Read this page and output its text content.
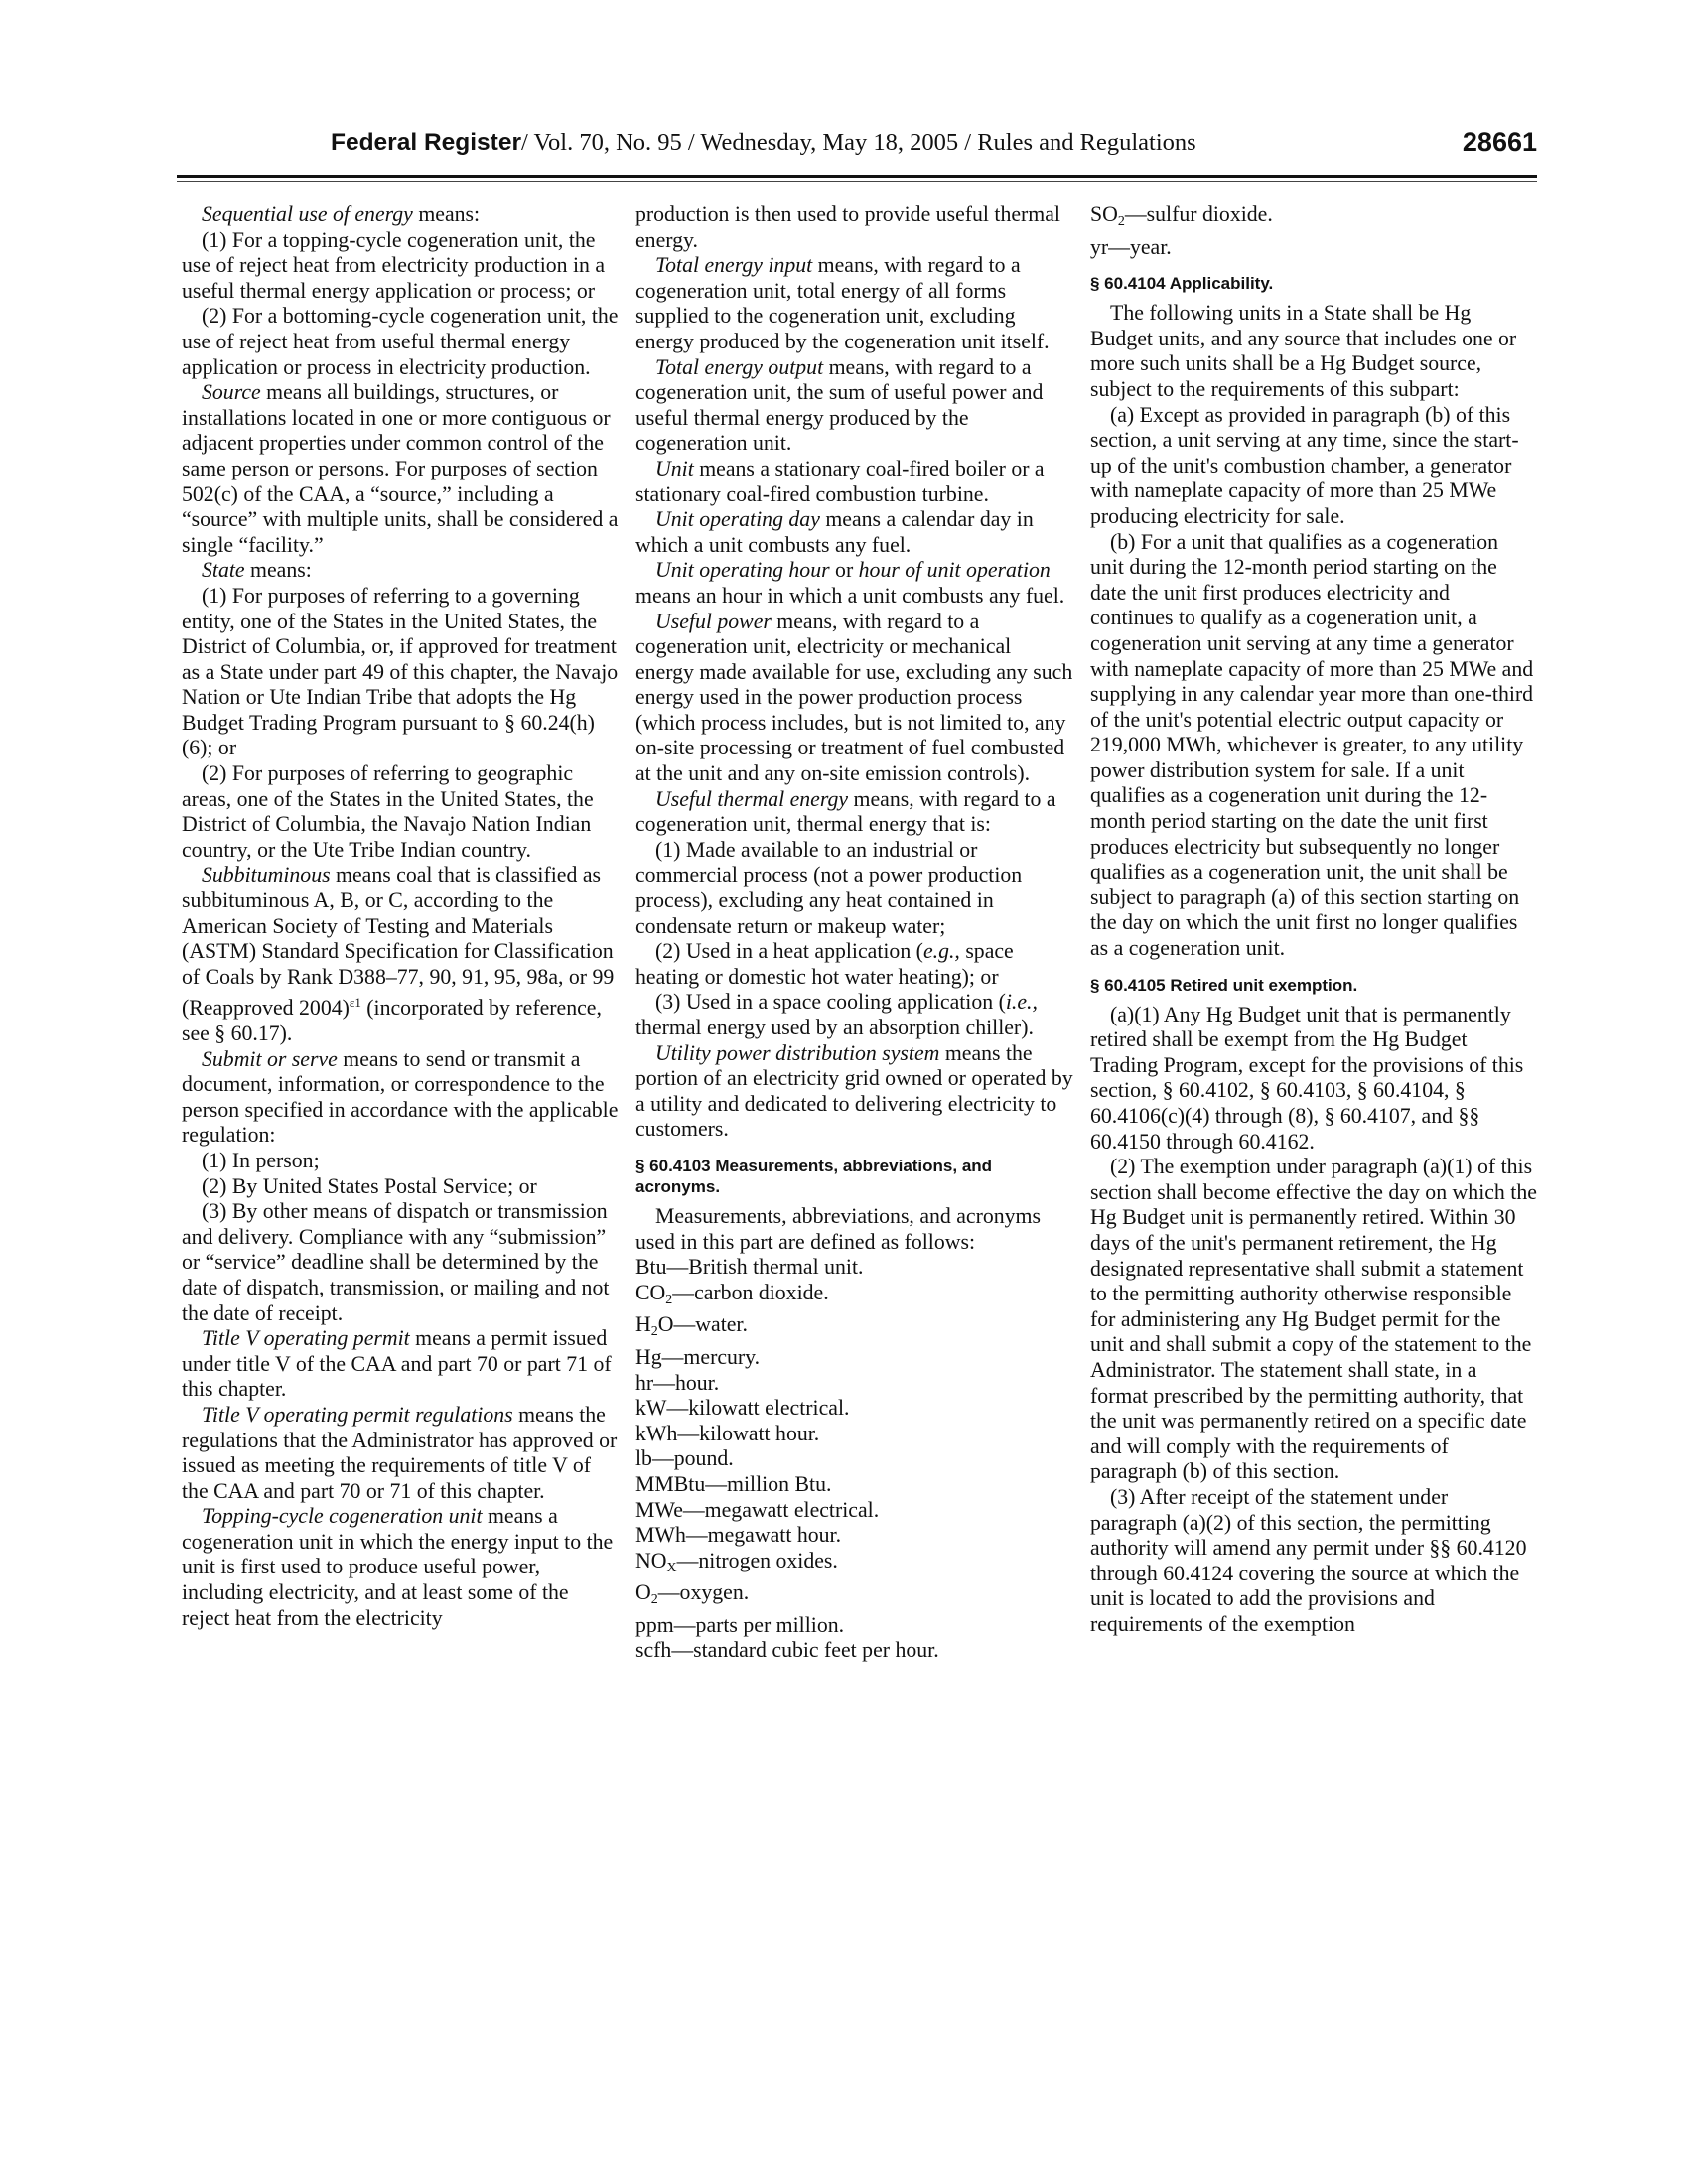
Federal Register/ Vol. 70, No. 95 / Wednesday, May 18, 2005 / Rules and Regulations	28661

Sequential use of energy means:

(1) For a topping-cycle cogeneration unit, the use of reject heat from electricity production in a useful thermal energy application or process; or

(2) For a bottoming-cycle cogeneration unit, the use of reject heat from useful thermal energy application or process in electricity production.

Source means all buildings, structures, or installations located in one or more contiguous or adjacent properties under common control of the same person or persons. For purposes of section 502(c) of the CAA, a “source,” including a “source” with multiple units, shall be considered a single “facility.”

State means:

(1) For purposes of referring to a governing entity, one of the States in the United States, the District of Columbia, or, if approved for treatment as a State under part 49 of this chapter, the Navajo Nation or Ute Indian Tribe that adopts the Hg Budget Trading Program pursuant to § 60.24(h)(6); or

(2) For purposes of referring to geographic areas, one of the States in the United States, the District of Columbia, the Navajo Nation Indian country, or the Ute Tribe Indian country.

Subbituminous means coal that is classified as subbituminous A, B, or C, according to the American Society of Testing and Materials (ASTM) Standard Specification for Classification of Coals by Rank D388–77, 90, 91, 95, 98a, or 99 (Reapproved 2004)$^{\varepsilon 1}$ (incorporated by reference, see § 60.17).

Submit or serve means to send or transmit a document, information, or correspondence to the person specified in accordance with the applicable regulation:

(1) In person;

(2) By United States Postal Service; or

(3) By other means of dispatch or transmission and delivery. Compliance with any “submission” or “service” deadline shall be determined by the date of dispatch, transmission, or mailing and not the date of receipt.

Title V operating permit means a permit issued under title V of the CAA and part 70 or part 71 of this chapter.

Title V operating permit regulations means the regulations that the Administrator has approved or issued as meeting the requirements of title V of the CAA and part 70 or 71 of this chapter.

Topping-cycle cogeneration unit means a cogeneration unit in which the energy input to the unit is first used to produce useful power, including electricity, and at least some of the reject heat from the electricity

production is then used to provide useful thermal energy.

Total energy input means, with regard to a cogeneration unit, total energy of all forms supplied to the cogeneration unit, excluding energy produced by the cogeneration unit itself.

Total energy output means, with regard to a cogeneration unit, the sum of useful power and useful thermal energy produced by the cogeneration unit.

Unit means a stationary coal-fired boiler or a stationary coal-fired combustion turbine.

Unit operating day means a calendar day in which a unit combusts any fuel.

Unit operating hour or hour of unit operation means an hour in which a unit combusts any fuel.

Useful power means, with regard to a cogeneration unit, electricity or mechanical energy made available for use, excluding any such energy used in the power production process (which process includes, but is not limited to, any on-site processing or treatment of fuel combusted at the unit and any on-site emission controls).

Useful thermal energy means, with regard to a cogeneration unit, thermal energy that is:

(1) Made available to an industrial or commercial process (not a power production process), excluding any heat contained in condensate return or makeup water;

(2) Used in a heat application (e.g., space heating or domestic hot water heating); or

(3) Used in a space cooling application (i.e., thermal energy used by an absorption chiller).

Utility power distribution system means the portion of an electricity grid owned or operated by a utility and dedicated to delivering electricity to customers.

§ 60.4103 Measurements, abbreviations, and acronyms.

Measurements, abbreviations, and acronyms used in this part are defined as follows:

Btu—British thermal unit.

$CO_2—carbon$ dioxide.

$H_2O—water$.

Hg—mercury.

hr—hour.

kW—kilowatt electrical.

kWh—kilowatt hour.

lb—pound.

MMBtu—million Btu.

MWe—megawatt electrical.

MWh—megawatt hour.

$NO_X—nitrogen$ oxides.

$O_2—oxygen$.

ppm—parts per million.

scfh—standard cubic feet per hour.

$SO_2—sulfur$ dioxide.

yr—year.

§ 60.4104 Applicability.

The following units in a State shall be Hg Budget units, and any source that includes one or more such units shall be a Hg Budget source, subject to the requirements of this subpart:

(a) Except as provided in paragraph (b) of this section, a unit serving at any time, since the start-up of the unit's combustion chamber, a generator with nameplate capacity of more than 25 MWe producing electricity for sale.

(b) For a unit that qualifies as a cogeneration unit during the 12-month period starting on the date the unit first produces electricity and continues to qualify as a cogeneration unit, a cogeneration unit serving at any time a generator with nameplate capacity of more than 25 MWe and supplying in any calendar year more than one-third of the unit's potential electric output capacity or 219,000 MWh, whichever is greater, to any utility power distribution system for sale. If a unit qualifies as a cogeneration unit during the 12-month period starting on the date the unit first produces electricity but subsequently no longer qualifies as a cogeneration unit, the unit shall be subject to paragraph (a) of this section starting on the day on which the unit first no longer qualifies as a cogeneration unit.

§ 60.4105 Retired unit exemption.

(a)(1) Any Hg Budget unit that is permanently retired shall be exempt from the Hg Budget Trading Program, except for the provisions of this section, § 60.4102, § 60.4103, § 60.4104, § 60.4106(c)(4) through (8), § 60.4107, and §§ 60.4150 through 60.4162.

(2) The exemption under paragraph (a)(1) of this section shall become effective the day on which the Hg Budget unit is permanently retired. Within 30 days of the unit's permanent retirement, the Hg designated representative shall submit a statement to the permitting authority otherwise responsible for administering any Hg Budget permit for the unit and shall submit a copy of the statement to the Administrator. The statement shall state, in a format prescribed by the permitting authority, that the unit was permanently retired on a specific date and will comply with the requirements of paragraph (b) of this section.

(3) After receipt of the statement under paragraph (a)(2) of this section, the permitting authority will amend any permit under §§ 60.4120 through 60.4124 covering the source at which the unit is located to add the provisions and requirements of the exemption
